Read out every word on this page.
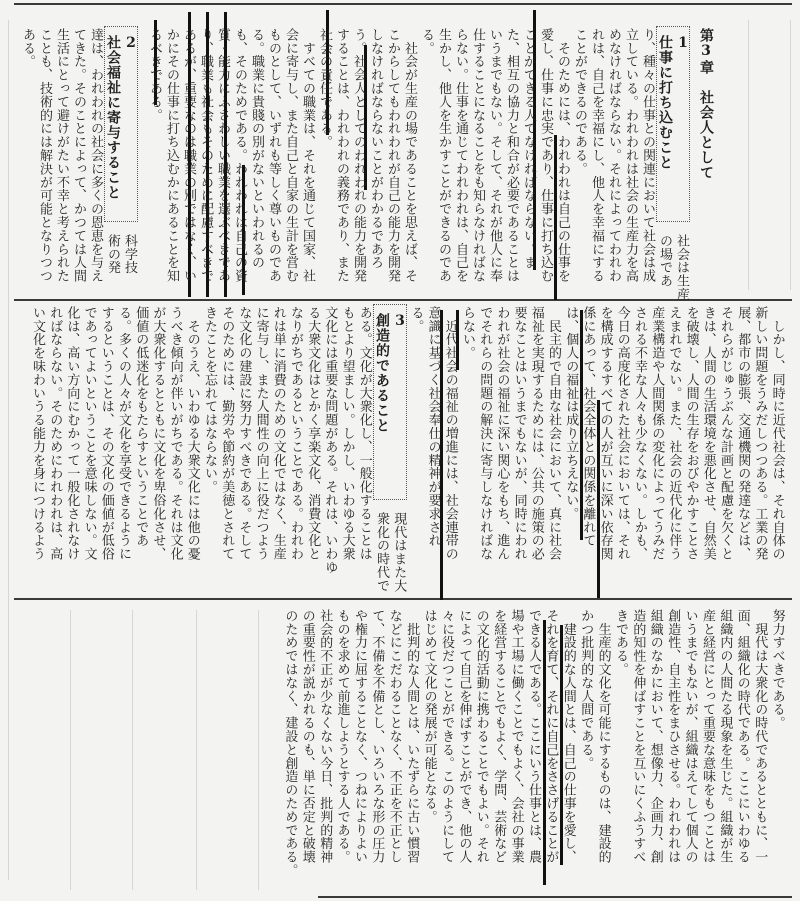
第3章　社会人として
1
仕事に打ち込むこと
社会は生産
の場であ
り、種々の仕事との関連において社会は成
立している。われわれは社会の生産力を高
めなければならない。それによってわれわ
れは、自己を幸福にし、他人を幸福にする
ことができるのである。
　そのためには、われわれは自己の仕事を
愛し、仕事に忠実であり、仕事に打ち込む
ことができる人でなければならない。ま
た、相互の協力と和合が必要であることは
いうまでもない。そして、それが他人に奉
仕することになることをも知らなければな
らない。仕事を通じてわれわれは、自己を
生かし、他人を生かすことができるのであ
る。
　社会が生産の場であることを思えば、そ
こからしてもわれわれが自己の能力を開発
しなければならないことがわかるであろ
う。社会人としてのわれわれの能力を開発
することは、われわれの義務であり、また
社会の責任である。
　すべての職業は、それを通じて国家、社
会に寄与し、また自己と自家の生計を営む
ものとして、いずれも等しく尊いものであ
る。職業に貴賤の別がないといわれるの
も、そのためである。われわれは自己の資
質・能力にふさわしい職業を選ぶべきであ
り、職業も社会もそのために配慮すべきで
あるが、重要なのは職業の別ではなく、い
かにその仕事に打ち込むかにあることを知
るべきである。
2
社会福祉に寄与すること
科学技
術の発
達は、われわれの社会に多くの恩恵を与え
てきた。そのことによって、かつては人間
生活にとって避けがたい不幸と考えられた
ことも、技術的には解決が可能となりつつ
ある。
　しかし、同時に近代社会は、それ自体の
新しい問題をうみだしつつある。工業の発
展、都市の膨張、交通機関の発達などは、
それらがじゅうぶんな計画と配慮を欠くと
きは、人間の生活環境を悪化させ、自然美
を破壊し、人間の生存をおびやかすことさ
えまれでない。また、社会の近代化に伴う
産業構造や人間関係の変化によってうみだ
される不幸な人々も少なくない。しかも、
今日の高度化された社会においては、それ
を構成するすべての人が互いに深い依存関
係にあって、社会全体との関係を離れて
は、個人の福祉は成り立ちえない。
　民主的で自由な社会において、真に社会
福祉を実現するためには、公共の施策の必
要なことはいうまでもないが、同時にわれ
われが社会の福祉に深い関心をもち、進ん
でそれらの問題の解決に寄与しなければな
らない。
　近代社会の福祉の増進には、社会連帯の
意識に基づく社会奉仕の精神が要求され
る。
3
創造的であること
現代はまた大
衆化の時代で
ある。文化が大衆化し、一般化することは
もとより望ましい。しかし、いわゆる大衆
文化には重要な問題がある。それは、いわゆ
る大衆文化はとかく享楽文化、消費文化と
なりがちであるということである。われわ
れは単に消費のための文化ではなく、生産
に寄与し、また人間性の向上に役だつよう
な文化の建設に努力すべきである。そして
そのためには、勤労や節約が美徳とされて
きたことを忘れてはならない。
　そのうえ、いわゆる大衆文化には他の憂
うべき傾向が伴いがちである。それは文化
が大衆化するとともに文化を卑俗化させ、
価値の低迷化をもたらすということであ
る。多くの人々が文化を享受できるように
するということは、その文化の価値が低俗
であってよいということを意味しない。文
化は、高い方向にむかって一般化されなけ
ればならない。そのためにわれわれは、高
い文化を味わいうる能力を身につけるよう
努力すべきである。
　現代は大衆化の時代であるとともに、一
面、組織化の時代である。ここにいわゆる
組織内の人間たる現象を生じた。組織が生
産と経営にとって重要な意味をもつことは
いうまでもないが、組織はえてして個人の
創造性、自主性をまひさせる。われわれは
組織のなかにおいて、想像力、企画力、創
造的知性を伸ばすことを互いにくふうすべ
きである。
　生産的文化を可能にするものは、建設的
かつ批判的な人間である。
　建設的な人間とは、自己の仕事を愛し、
それを育て、それに自己をささげることが
できる人である。ここにいう仕事とは、農
場や工場に働くことでもよく、会社の事業
を経営することでもよく、学問、芸術など
の文化的活動に携わることでもよい。それ
によって自己を伸ばすことができ、他の人
々に役だつことができる。このようにして
はじめて文化の発展が可能となる。
　批判的な人間とは、いたずらに古い慣習
などにこだわることなく、不正を不正とし
て、不備を不備とし、いろいろな形の圧力
や権力に屈することなく、つねによりよい
ものを求めて前進しようとする人である。
社会的不正が少なくない今日、批判的精神
の重要性が説かれるのも、単に否定と破壊
のためではなく、建設と創造のためである。
